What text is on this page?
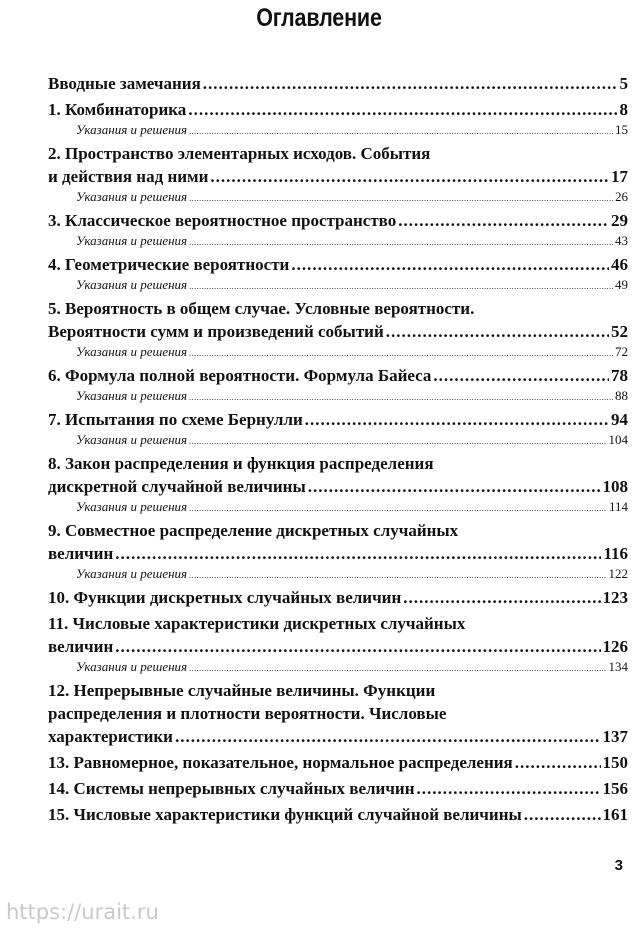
Оглавление
Вводные замечания .....	5
1. Комбинаторика .....	8
Указания и решения .....	15
2. Пространство элементарных исходов. События
и действия над ними .....	17
Указания и решения .....	26
3. Классическое вероятностное пространство .....	29
Указания и решения .....	43
4. Геометрические вероятности .....	46
Указания и решения .....	49
5. Вероятность в общем случае. Условные вероятности.
Вероятности сумм и произведений событий .....	52
Указания и решения .....	72
6. Формула полной вероятности. Формула Байеса .....	78
Указания и решения .....	88
7. Испытания по схеме Бернулли .....	94
Указания и решения .....	104
8. Закон распределения и функция распределения
дискретной случайной величины .....	108
Указания и решения .....	114
9. Совместное распределение дискретных случайных
величин .....	116
Указания и решения .....	122
10. Функции дискретных случайных величин .....	123
11. Числовые характеристики дискретных случайных
величин .....	126
Указания и решения .....	134
12. Непрерывные случайные величины. Функции
распределения и плотности вероятности. Числовые
характеристики .....	137
13. Равномерное, показательное, нормальное распределения .....	150
14. Системы непрерывных случайных величин .....	156
15. Числовые характеристики функций случайной величины .....	161
3
https://urait.ru
